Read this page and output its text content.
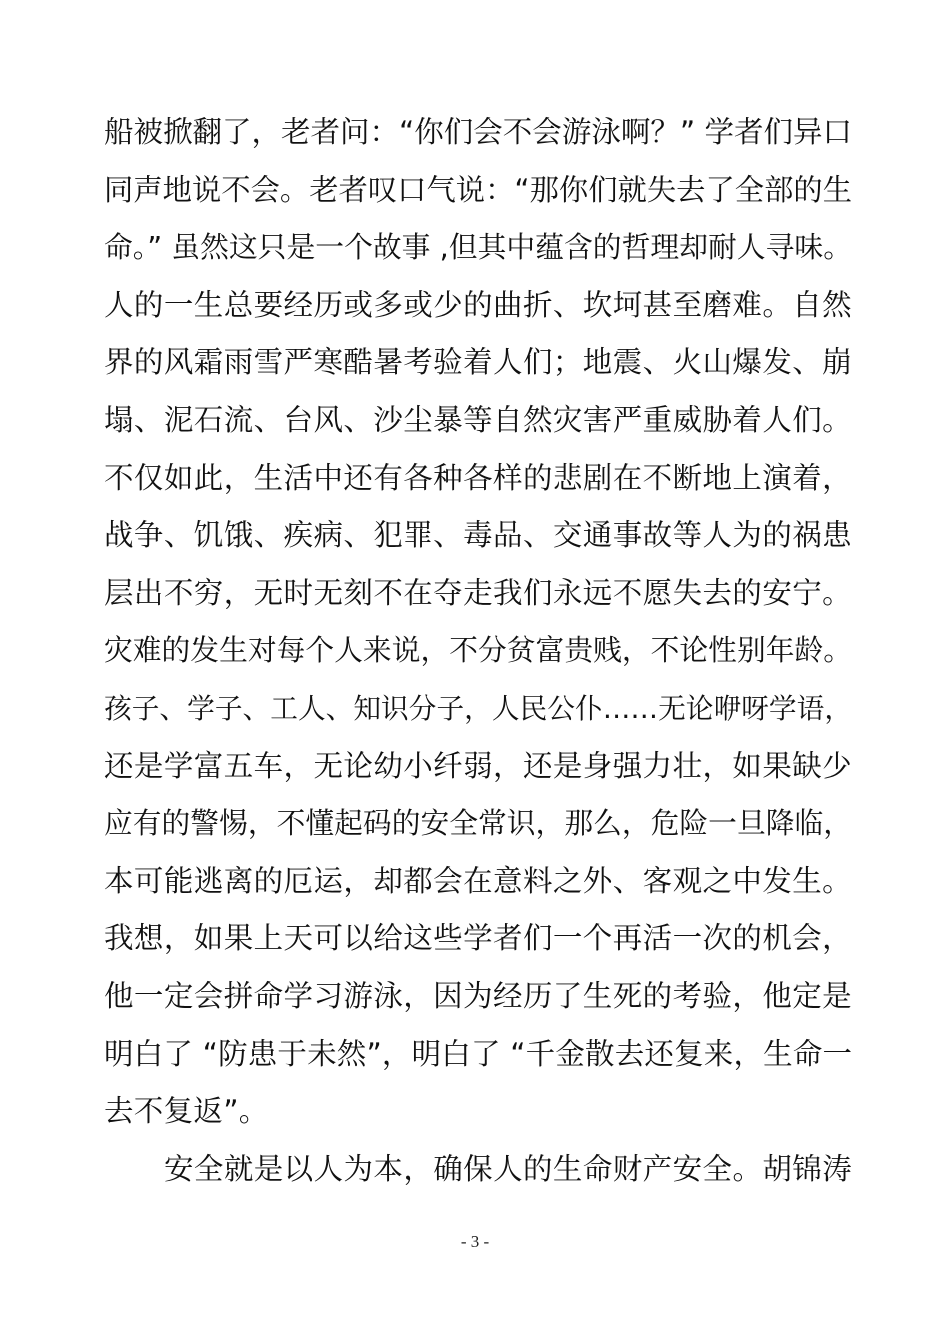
船被掀翻了，老者问：“你们会不会游泳啊？” 学者们异口
同声地说不会。老者叹口气说：“那你们就失去了全部的生
命。” 虽然这只是一个故事 ,但其中蕴含的哲理却耐人寻味。
人的一生总要经历或多或少的曲折、坎坷甚至磨难。自然
界的风霜雨雪严寒酷暑考验着人们；地震、火山爆发、崩
塌、泥石流、台风、沙尘暴等自然灾害严重威胁着人们。
不仅如此，生活中还有各种各样的悲剧在不断地上演着，
战争、饥饿、疾病、犯罪、毒品、交通事故等人为的祸患
层出不穷，无时无刻不在夺走我们永远不愿失去的安宁。
灾难的发生对每个人来说，不分贫富贵贱，不论性别年龄。
孩子、学子、工人、知识分子，人民公仆……无论咿呀学语，
还是学富五车，无论幼小纤弱，还是身强力壮，如果缺少
应有的警惕，不懂起码的安全常识，那么，危险一旦降临，
本可能逃离的厄运，却都会在意料之外、客观之中发生。
我想，如果上天可以给这些学者们一个再活一次的机会，
他一定会拼命学习游泳，因为经历了生死的考验，他定是
明白了 “防患于未然”，明白了 “千金散去还复来，生命一
去不复返”。
安全就是以人为本，确保人的生命财产安全。胡锦涛
- 3 -
